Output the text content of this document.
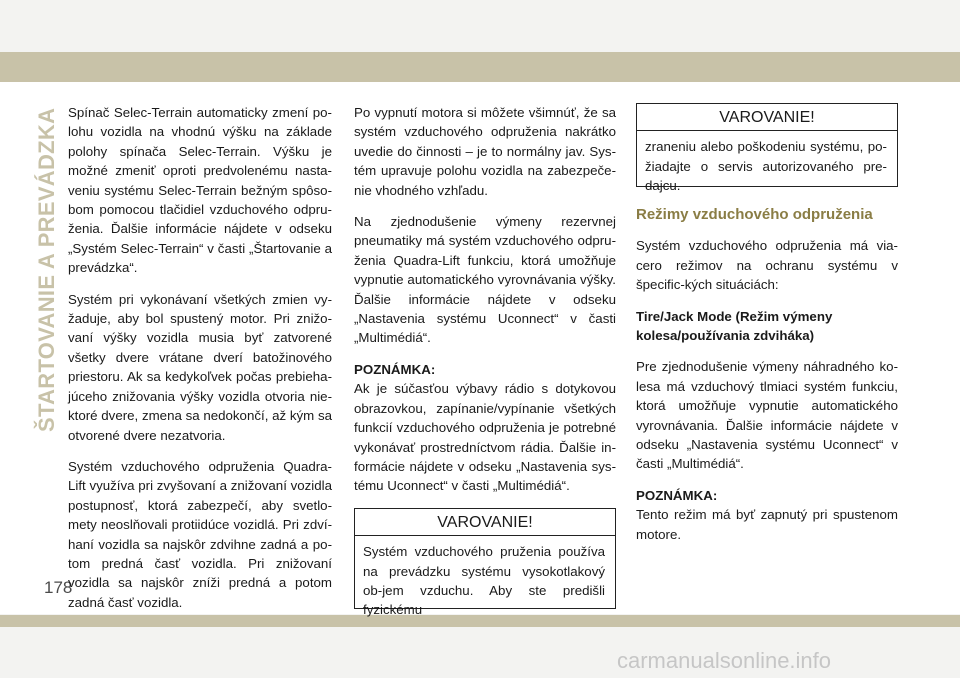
ŠTARTOVANIE A PREVÁDZKA
178

Spínač Selec-Terrain automaticky zmení po-lohu vozidla na vhodnú výšku na základe polohy spínača Selec-Terrain. Výšku je možné zmeniť oproti predvolenému nasta-veniu systému Selec-Terrain bežným spôso-bom pomocou tlačidiel vzduchového odpru-ženia. Ďalšie informácie nájdete v odseku „Systém Selec-Terrain“ v časti „Štartovanie a prevádzka“.

Systém pri vykonávaní všetkých zmien vy-žaduje, aby bol spustený motor. Pri znižo-vaní výšky vozidla musia byť zatvorené všetky dvere vrátane dverí batožinového priestoru. Ak sa kedykoľvek počas prebieha-júceho znižovania výšky vozidla otvoria nie-ktoré dvere, zmena sa nedokončí, až kým sa otvorené dvere nezatvoria.

Systém vzduchového odpruženia Quadra-Lift využíva pri zvyšovaní a znižovaní vozidla postupnosť, ktorá zabezpečí, aby svetlo-mety neoslňovali protiidúce vozidlá. Pri zdví-haní vozidla sa najskôr zdvihne zadná a po-tom predná časť vozidla. Pri znižovaní vozidla sa najskôr zníži predná a potom zadná časť vozidla.

Po vypnutí motora si môžete všimnúť, že sa systém vzduchového odpruženia nakrátko uvedie do činnosti – je to normálny jav. Sys-tém upravuje polohu vozidla na zabezpeče-nie vhodného vzhľadu.

Na zjednodušenie výmeny rezervnej pneumatiky má systém vzduchového odpru-ženia Quadra-Lift funkciu, ktorá umožňuje vypnutie automatického vyrovnávania výšky. Ďalšie informácie nájdete v odseku „Nastavenia systému Uconnect“ v časti „Multimédiá“.

POZNÁMKA:

Ak je súčasťou výbavy rádio s dotykovou obrazovkou, zapínanie/vypínanie všetkých funkcií vzduchového odpruženia je potrebné vykonávať prostredníctvom rádia. Ďalšie in-formácie nájdete v odseku „Nastavenia sys-tému Uconnect“ v časti „Multimédiá“.

VAROVANIE!
Systém vzduchového pruženia používa na prevádzku systému vysokotlakový ob-jem vzduchu. Aby ste predišli fyzickému
VAROVANIE!
zraneniu alebo poškodeniu systému, po-žiadajte o servis autorizovaného pre-dajcu.
Režimy vzduchového odpruženia

Systém vzduchového odpruženia má via-cero režimov na ochranu systému v špecific-kých situáciách:

Tire/Jack Mode (Režim výmeny kolesa/používania zdviháka)

Pre zjednodušenie výmeny náhradného ko-lesa má vzduchový tlmiaci systém funkciu, ktorá umožňuje vypnutie automatického vyrovnávania. Ďalšie informácie nájdete v odseku „Nastavenia systému Uconnect“ v časti „Multimédiá“.

POZNÁMKA:

Tento režim má byť zapnutý pri spustenom motore.

carmanualsonline.info
